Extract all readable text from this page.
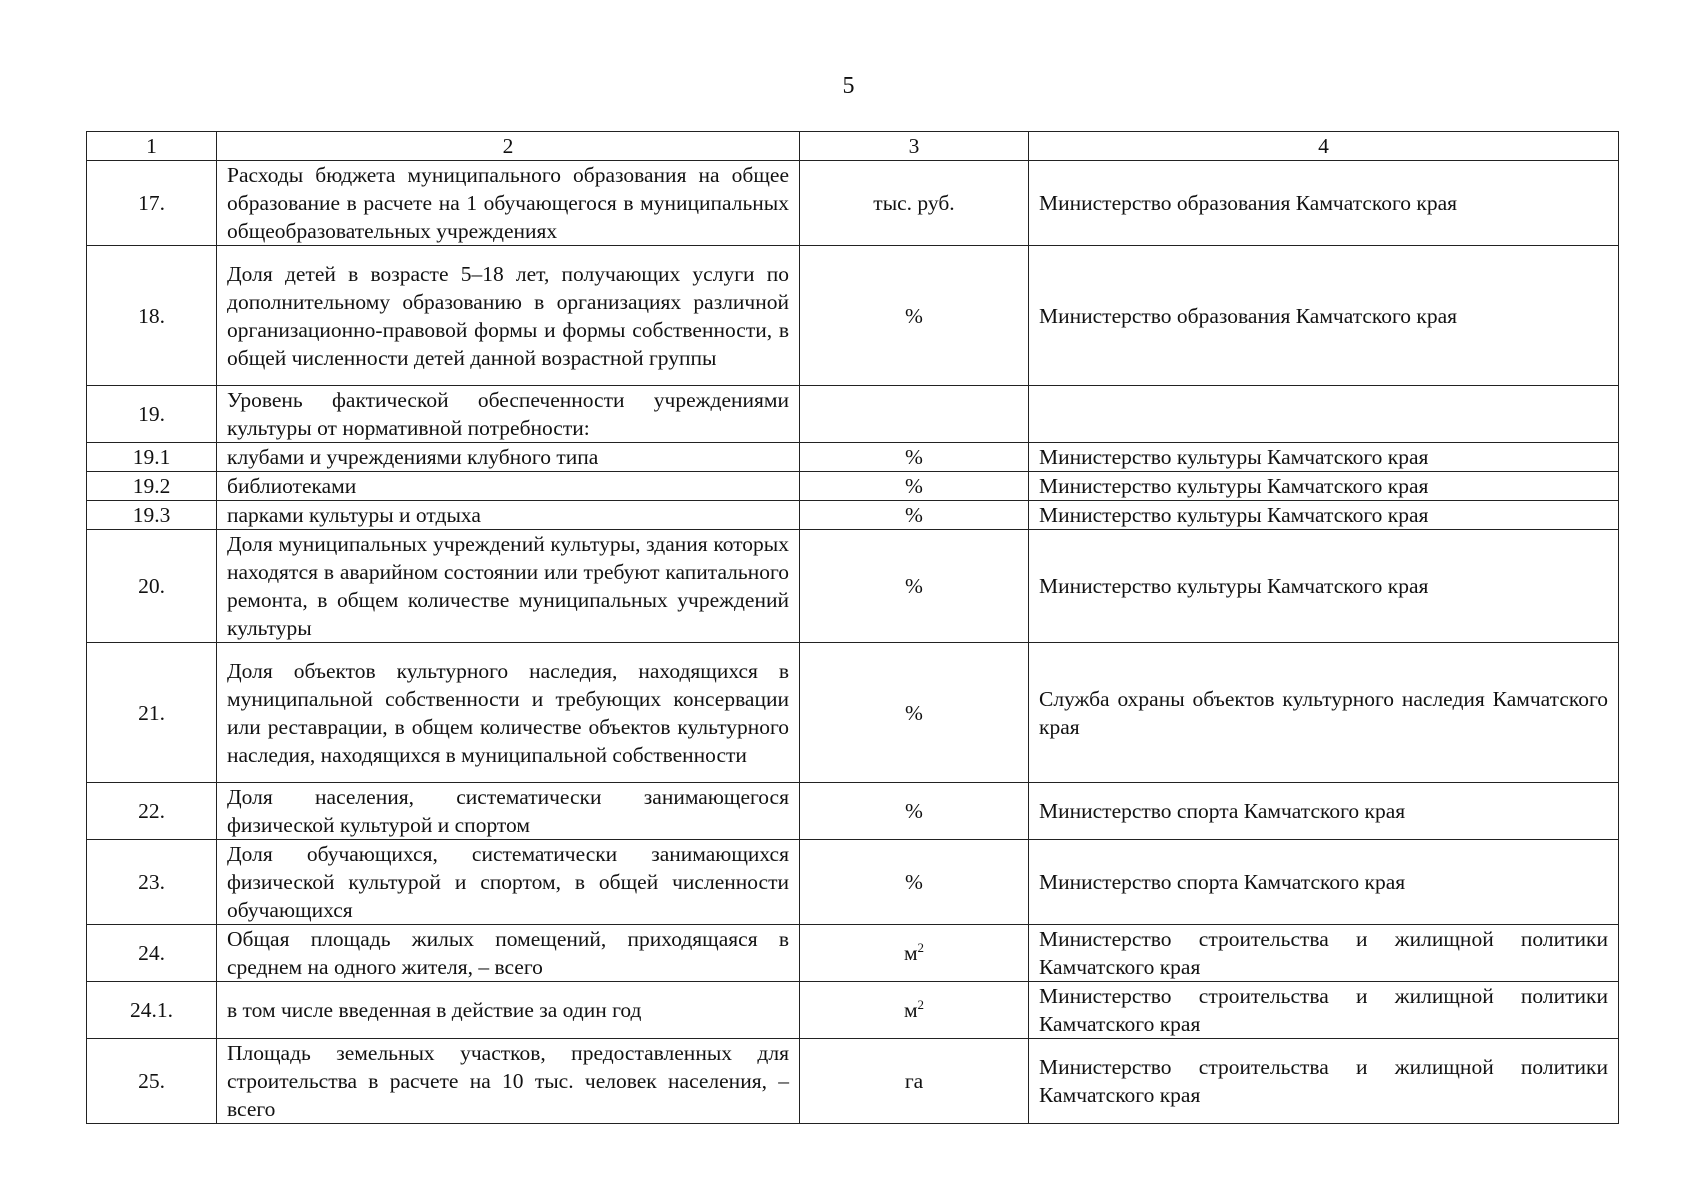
5
1	2	3	4
17.	Расходы бюджета муниципального образования на общее образование в расчете на 1 обучающегося в муниципальных общеобразовательных учреждениях	тыс. руб.	Министерство образования Камчатского края
18.	Доля детей в возрасте 5–18 лет, получающих услуги по дополнительному образованию в организациях различной организационно-правовой формы и формы собственности, в общей численности детей данной возрастной группы	%	Министерство образования Камчатского края
19.	Уровень фактической обеспеченности учреждениями культуры от нормативной потребности:		
19.1	клубами и учреждениями клубного типа	%	Министерство культуры Камчатского края
19.2	библиотеками	%	Министерство культуры Камчатского края
19.3	парками культуры и отдыха	%	Министерство культуры Камчатского края
20.	Доля муниципальных учреждений культуры, здания которых находятся в аварийном состоянии или требуют капитального ремонта, в общем количестве муниципальных учреждений культуры	%	Министерство культуры Камчатского края
21.	Доля объектов культурного наследия, находящихся в муниципальной собственности и требующих консервации или реставрации, в общем количестве объектов культурного наследия, находящихся в муниципальной собственности	%	Служба охраны объектов культурного наследия Камчатского края
22.	Доля населения, систематически занимающегося физической культурой и спортом	%	Министерство спорта Камчатского края
23.	Доля обучающихся, систематически занимающихся физической культурой и спортом, в общей численности обучающихся	%	Министерство спорта Камчатского края
24.	Общая площадь жилых помещений, приходящаяся в среднем на одного жителя, – всего	$м^2$	Министерство строительства и жилищной политики Камчатского края
24.1.	в том числе введенная в действие за один год	$м^2$	Министерство строительства и жилищной политики Камчатского края
25.	Площадь земельных участков, предоставленных для строительства в расчете на 10 тыс. человек населения, – всего	га	Министерство строительства и жилищной политики Камчатского края
